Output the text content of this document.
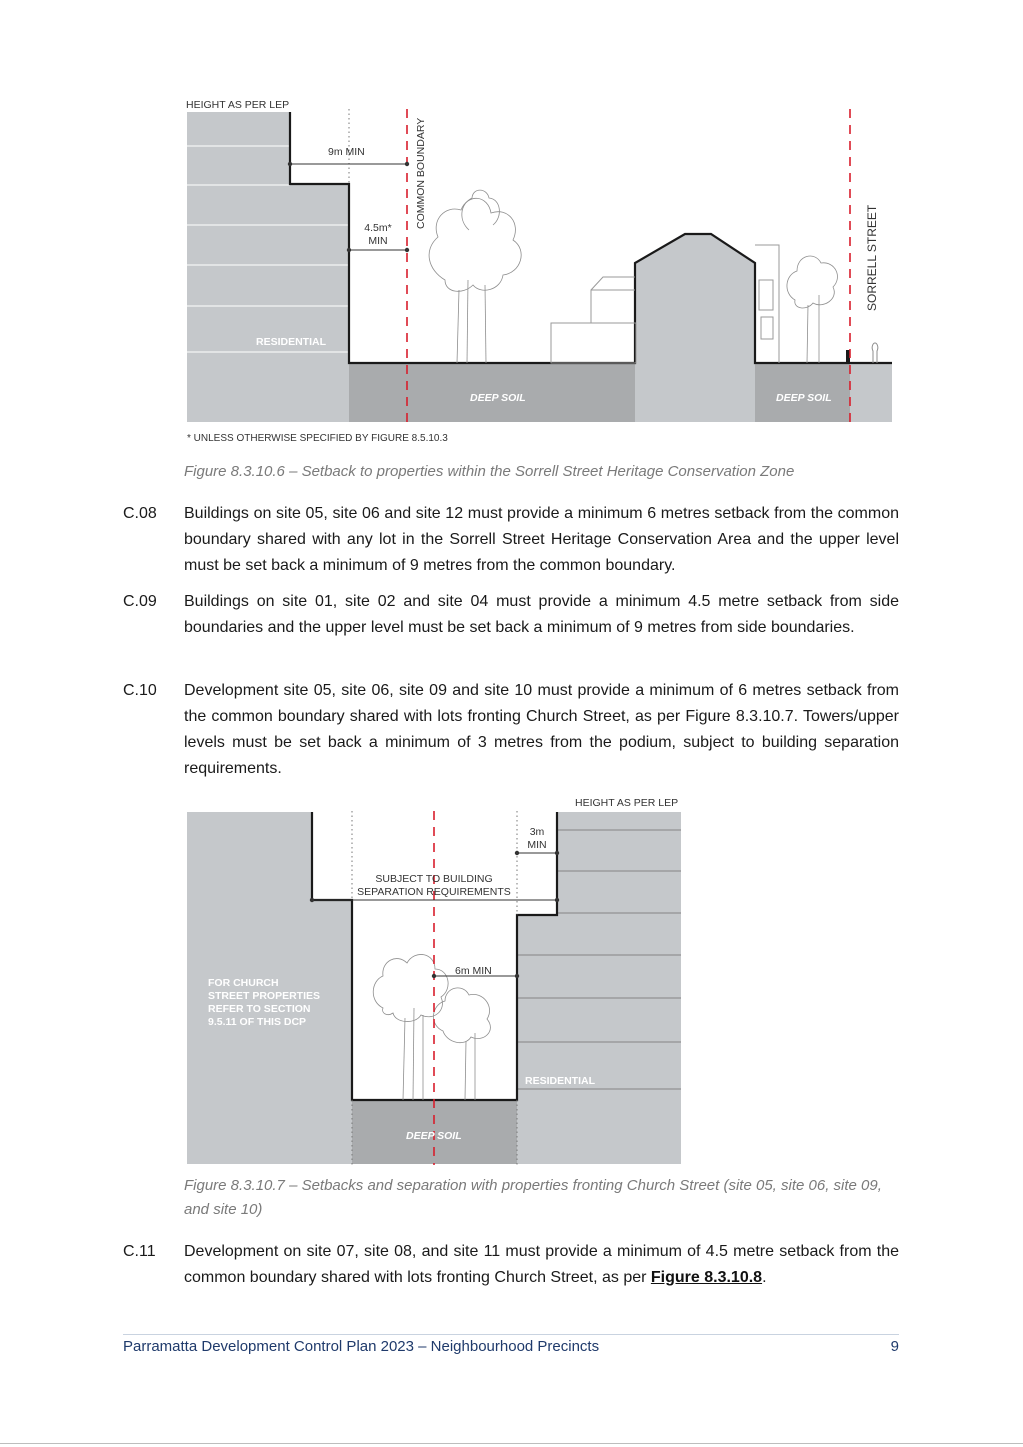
HEIGHT AS PER LEP
9m MIN
4.5m*
MIN
COMMON BOUNDARY
SORRELL STREET
RESIDENTIAL
DEEP SOIL	DEEP SOIL
* UNLESS OTHERWISE SPECIFIED BY FIGURE 8.5.10.3
Figure 8.3.10.6 – Setback to properties within the Sorrell Street Heritage Conservation Zone
C.08	Buildings on site 05, site 06 and site 12 must provide a minimum 6 metres setback from the common boundary shared with any lot in the Sorrell Street Heritage Conservation Area and the upper level must be set back a minimum of 9 metres from the common boundary.
C.09	Buildings on site 01, site 02 and site 04 must provide a minimum 4.5 metre setback from side boundaries and the upper level must be set back a minimum of 9 metres from side boundaries.
C.10	Development site 05, site 06, site 09 and site 10 must provide a minimum of 6 metres setback from the common boundary shared with lots fronting Church Street, as per Figure 8.3.10.7. Towers/upper levels must be set back a minimum of 3 metres from the podium, subject to building separation requirements.
HEIGHT AS PER LEP
3m
MIN
SUBJECT TO BUILDING
SEPARATION REQUIREMENTS
6m MIN
FOR CHURCH
STREET PROPERTIES
REFER TO SECTION
9.5.11 OF THIS DCP
RESIDENTIAL
DEEP SOIL
Figure 8.3.10.7 – Setbacks and separation with properties fronting Church Street (site 05, site 06, site 09, and site 10)
C.11	Development on site 07, site 08, and site 11 must provide a minimum of 4.5 metre setback from the common boundary shared with lots fronting Church Street, as per Figure 8.3.10.8.
Parramatta Development Control Plan 2023 – Neighbourhood Precincts	9
